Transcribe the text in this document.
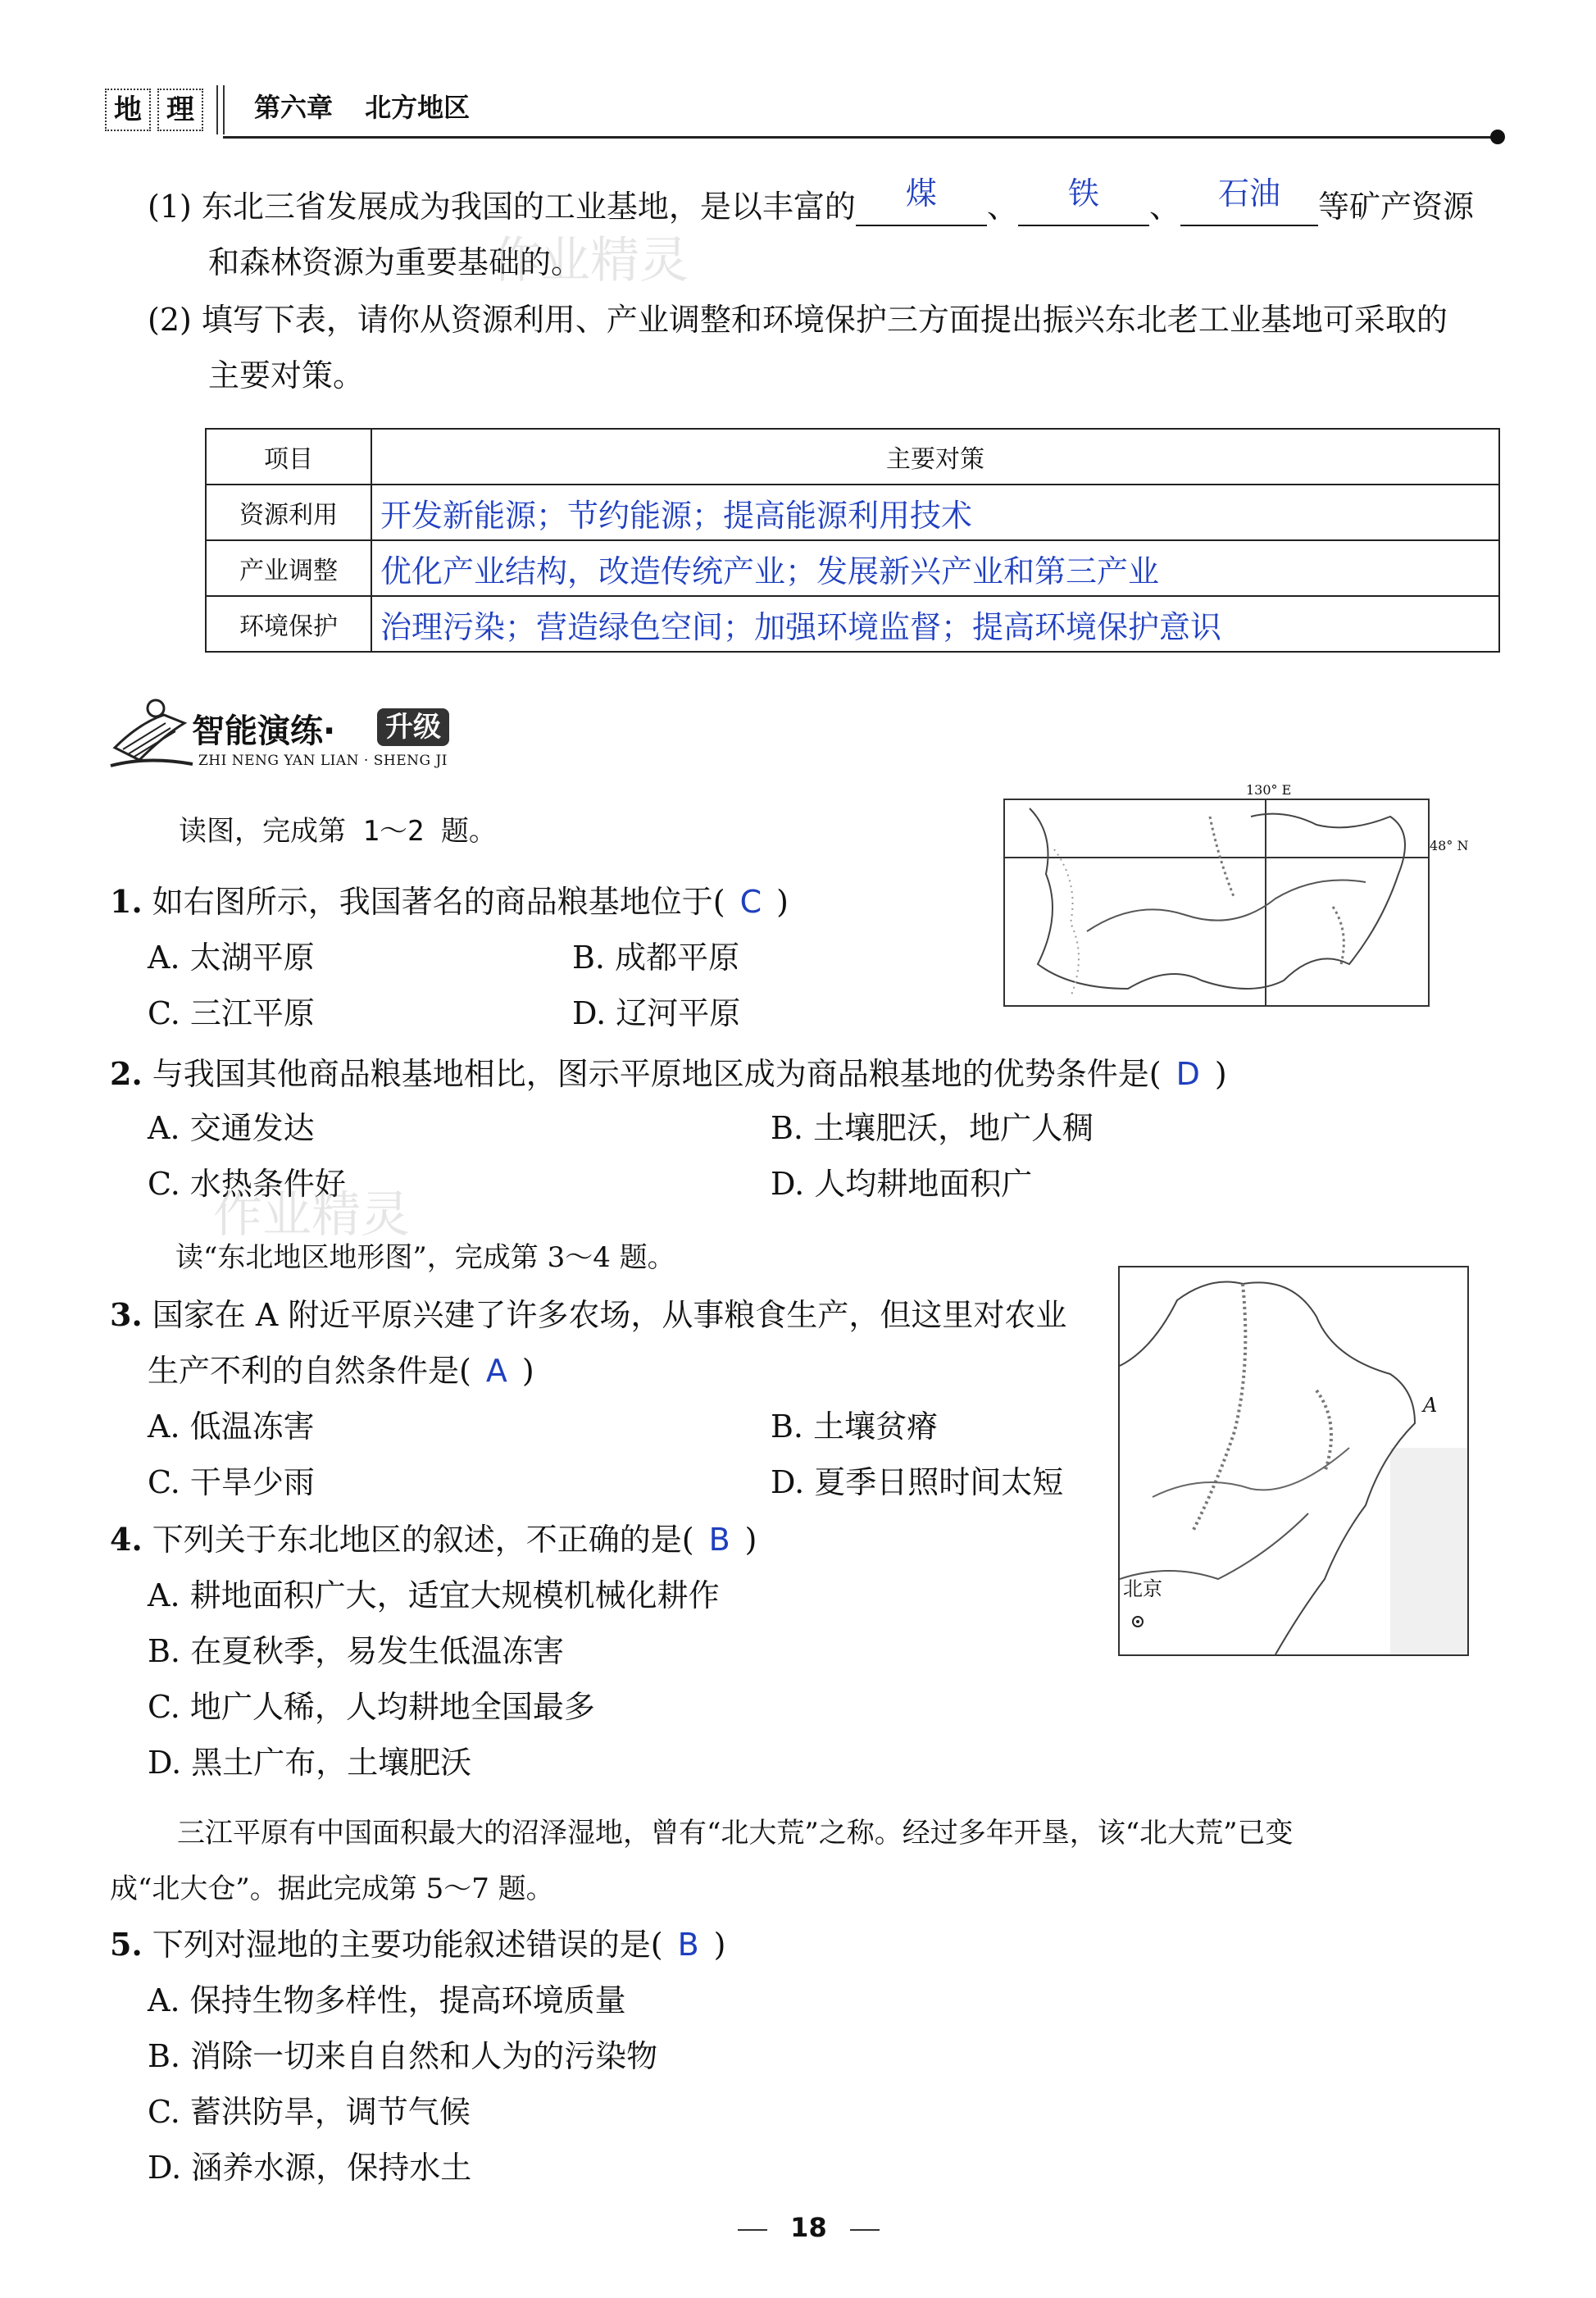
地 理	第六章 北方地区
(1) 东北三省发展成为我国的工业基地，是以丰富的 煤 、 铁 、 石油 等矿产资源
和森林资源为重要基础的。
(2) 填写下表，请你从资源利用、产业调整和环境保护三方面提出振兴东北老工业基地可采取的
主要对策。
项目	主要对策
资源利用	开发新能源；节约能源；提高能源利用技术
产业调整	优化产业结构，改造传统产业；发展新兴产业和第三产业
环境保护	治理污染；营造绿色空间；加强环境监督；提高环境保护意识
智能演练· 升级
ZHI NENG YAN LIAN · SHENG JI
读图，完成第 1～2 题。
130° E
48° N
1. 如右图所示，我国著名的商品粮基地位于( C )
A. 太湖平原	B. 成都平原
C. 三江平原	D. 辽河平原
2. 与我国其他商品粮基地相比，图示平原地区成为商品粮基地的优势条件是( D )
A. 交通发达	B. 土壤肥沃，地广人稠
C. 水热条件好	D. 人均耕地面积广
作业精灵
作业精灵
读“东北地区地形图”，完成第 3～4 题。
A
北京
3. 国家在 A 附近平原兴建了许多农场，从事粮食生产，但这里对农业
生产不利的自然条件是( A )
A. 低温冻害	B. 土壤贫瘠
C. 干旱少雨	D. 夏季日照时间太短
4. 下列关于东北地区的叙述，不正确的是( B )
A. 耕地面积广大，适宜大规模机械化耕作
B. 在夏秋季，易发生低温冻害
C. 地广人稀，人均耕地全国最多
D. 黑土广布，土壤肥沃
三江平原有中国面积最大的沼泽湿地，曾有“北大荒”之称。经过多年开垦，该“北大荒”已变
成“北大仓”。据此完成第 5～7 题。
5. 下列对湿地的主要功能叙述错误的是( B )
A. 保持生物多样性，提高环境质量
B. 消除一切来自自然和人为的污染物
C. 蓄洪防旱，调节气候
D. 涵养水源，保持水土
18
